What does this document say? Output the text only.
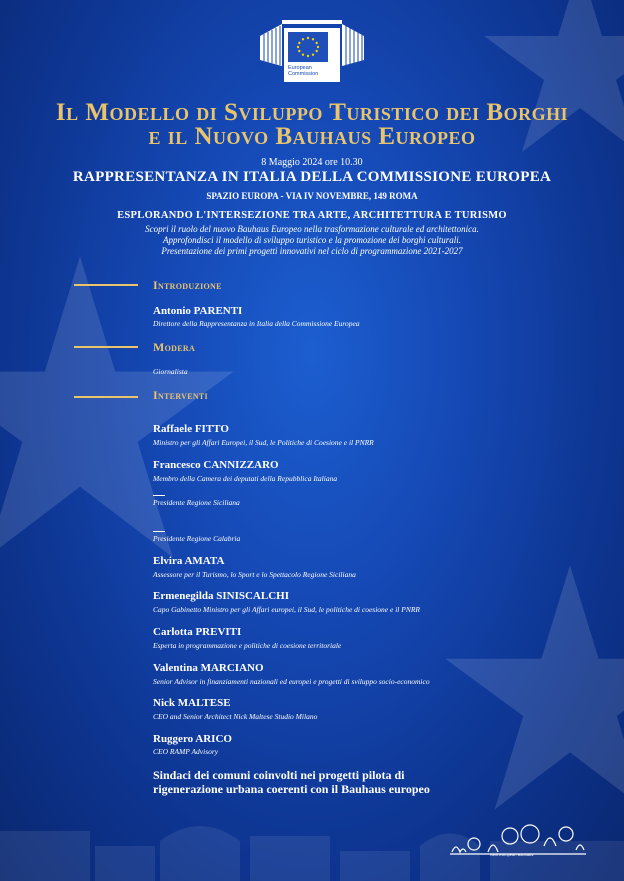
European
Commission
Il Modello di Sviluppo Turistico dei Borghi
e il Nuovo Bauhaus Europeo
8 Maggio 2024 ore 10.30
RAPPRESENTANZA IN ITALIA DELLA COMMISSIONE EUROPEA
SPAZIO EUROPA - VIA IV NOVEMBRE, 149 ROMA
ESPLORANDO L'INTERSEZIONE TRA ARTE, ARCHITETTURA E TURISMO
Scopri il ruolo del nuovo Bauhaus Europeo nella trasformazione culturale ed architettonica.
Approfondisci il modello di sviluppo turistico e la promozione dei borghi culturali.
Presentazione dei primi progetti innovativi nel ciclo di programmazione 2021-2027
Introduzione
Antonio PARENTI
Direttore della Rappresentanza in Italia della Commissione Europea
Modera
Giornalista
Interventi
Raffaele FITTO
Ministro per gli Affari Europei, il Sud, le Politiche di Coesione e il PNRR
Francesco CANNIZZARO
Membro della Camera dei deputati della Repubblica Italiana
Presidente Regione Siciliana
Presidente Regione Calabria
Elvira AMATA
Assessore per il Turismo, lo Sport e lo Spettacolo Regione Siciliana
Ermenegilda SINISCALCHI
Capo Gabinetto Ministro per gli Affari europei, il Sud, le politiche di coesione e il PNRR
Carlotta PREVITI
Esperta in programmazione e politiche di coesione territoriale
Valentina MARCIANO
Senior Advisor in finanziamenti nazionali ed europei e progetti di sviluppo socio-economico
Nick MALTESE
CEO and Senior Architect Nick Maltese Studio Milano
Ruggero ARICO
CEO RAMP Advisory
Sindaci dei comuni coinvolti nei progetti pilota di
rigenerazione urbana coerenti con il Bauhaus europeo
New European Bauhaus
